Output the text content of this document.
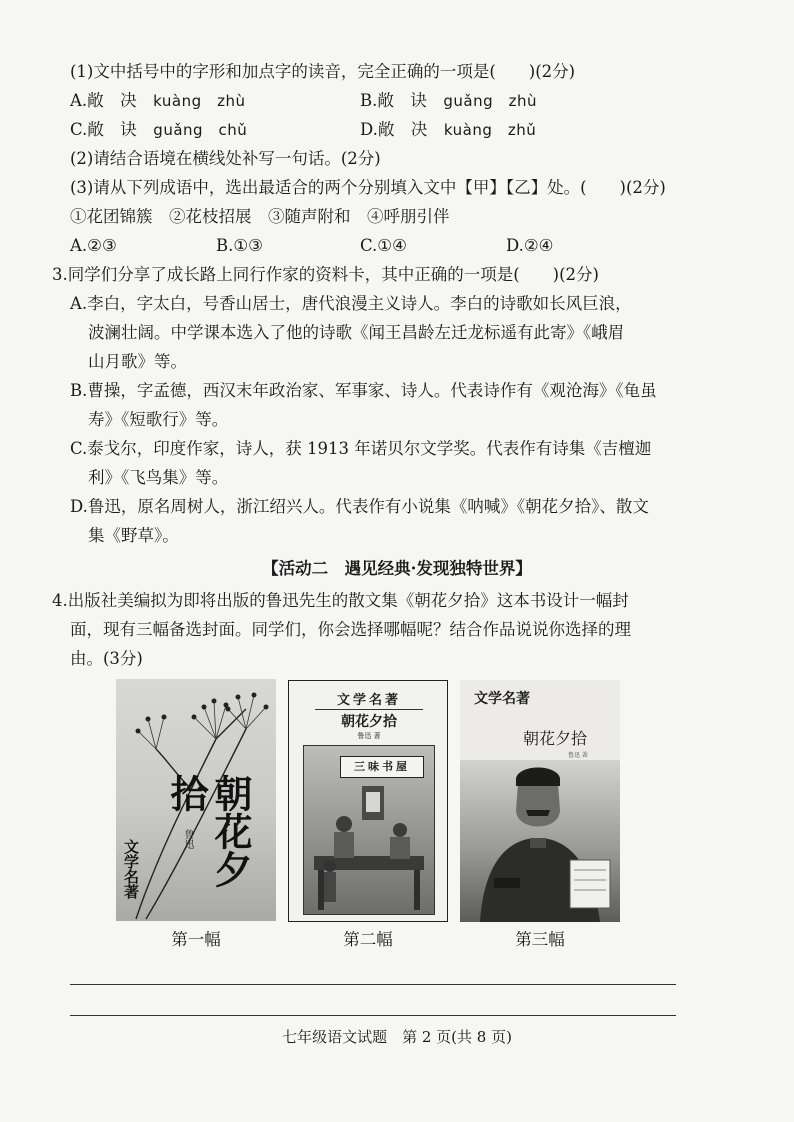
(1)文中括号中的字形和加点字的读音，完全正确的一项是(　　)(2分)
A.敞　决　 kuàng　zhù	B.敞　诀　 guǎng　zhù
C.敞　诀　 guǎng　chǔ	D.敞　决　 kuàng　zhǔ
(2)请结合语境在横线处补写一句话。(2分)
(3)请从下列成语中，选出最适合的两个分别填入文中【甲】【乙】处。(　　)(2分)
①花团锦簇　②花枝招展　③随声附和　④呼朋引伴
A.②③	B.①③	C.①④	D.②④
3.同学们分享了成长路上同行作家的资料卡，其中正确的一项是(　　)(2分)
A.李白，字太白，号香山居士，唐代浪漫主义诗人。李白的诗歌如长风巨浪，
波澜壮阔。中学课本选入了他的诗歌《闻王昌龄左迁龙标遥有此寄》《峨眉
山月歌》等。
B.曹操，字孟德，西汉末年政治家、军事家、诗人。代表诗作有《观沧海》《龟虽
寿》《短歌行》等。
C.泰戈尔，印度作家，诗人，获 1913 年诺贝尔文学奖。代表作有诗集《吉檀迦
利》《飞鸟集》等。
D.鲁迅，原名周树人，浙江绍兴人。代表作有小说集《呐喊》《朝花夕拾》、散文
集《野草》。
【活动二　遇见经典·发现独特世界】
4.出版社美编拟为即将出版的鲁迅先生的散文集《朝花夕拾》这本书设计一幅封
面，现有三幅备选封面。同学们，你会选择哪幅呢？结合作品说说你选择的理
由。(3分)
朝花夕拾
鲁迅
文学名著
第一幅
文学名著
朝花夕拾
鲁迅 著
三味书屋
第二幅
文学名著
朝花夕拾
鲁迅 著
第三幅
七年级语文试题　第 2 页(共 8 页)
